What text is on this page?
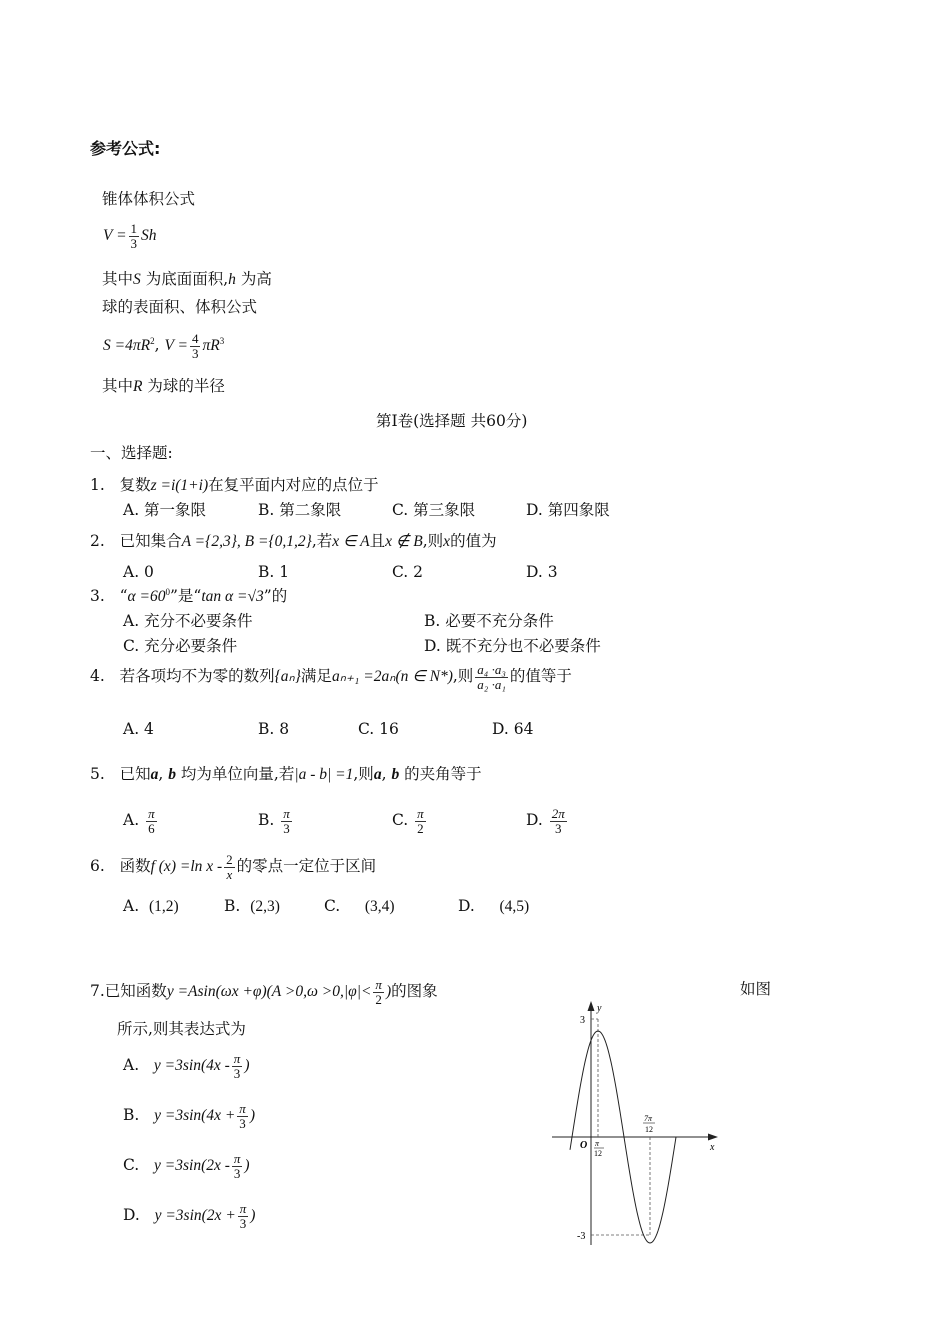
参考公式:
锥体体积公式
$V = \frac{1}{3}$ Sh
其中S 为底面面积,h 为高
球的表面积、体积公式
$S =4\pi R^2$, $V = \frac{4}{3} \pi R^3$
其中R 为球的半径
第Ⅰ卷(选择题 共60分)
一、选择题:
1. 复数z =i(1+i)在复平面内对应的点位于
A. 第一象限	B. 第二象限	C. 第三象限	D. 第四象限
2. 已知集合A ={2,3}, B ={0,1,2},若x ∈ A且x ∉ B,则x的值为
A. 0	B. 1	C. 2	D. 3
3. “$\alpha =60^0$”是“tan α =√3”的
A. 充分不必要条件	B. 必要不充分条件
C. 充分必要条件	D. 既不充分也不必要条件
4. 若各项均不为零的数列{aₙ}满足aₙ₊₁ =2aₙ(n ∈ N*),则 $\frac{\text{a₄ ·a₃}}{\text{a₂ ·a₁}}$ 的值等于
A. 4	B. 8	C. 16	D. 64
5. 已知a, b 均为单位向量,若|a - b| =1,则a, b 的夹角等于
A. $\frac{\pi}{6}$	B. $\frac{\pi}{3}$	C. $\frac{\pi}{2}$	D. $\frac{2\pi}{3}$
6. 函数f (x) =ln x - $\frac{2}{x}$ 的零点一定位于区间
A. (1,2)	B. (2,3)	C. (3,4)	D. (4,5)
7.已知函数$y =Asin(\omega x +\varphi)(A >0,\omega >0,|\varphi|< \frac{\pi}{2}$ )的图象	如图
所示,则其表达式为
A. $y =3\sin(4x - \frac{\pi}{3}$ )
B. $y =3\sin(4x + \frac{\pi}{3}$ )
C. $y =3\sin(2x - \frac{\pi}{3}$ )
D. $y =3\sin(2x + \frac{\pi}{3}$ )
y
x
O
3
-3
π
12
7π
12
